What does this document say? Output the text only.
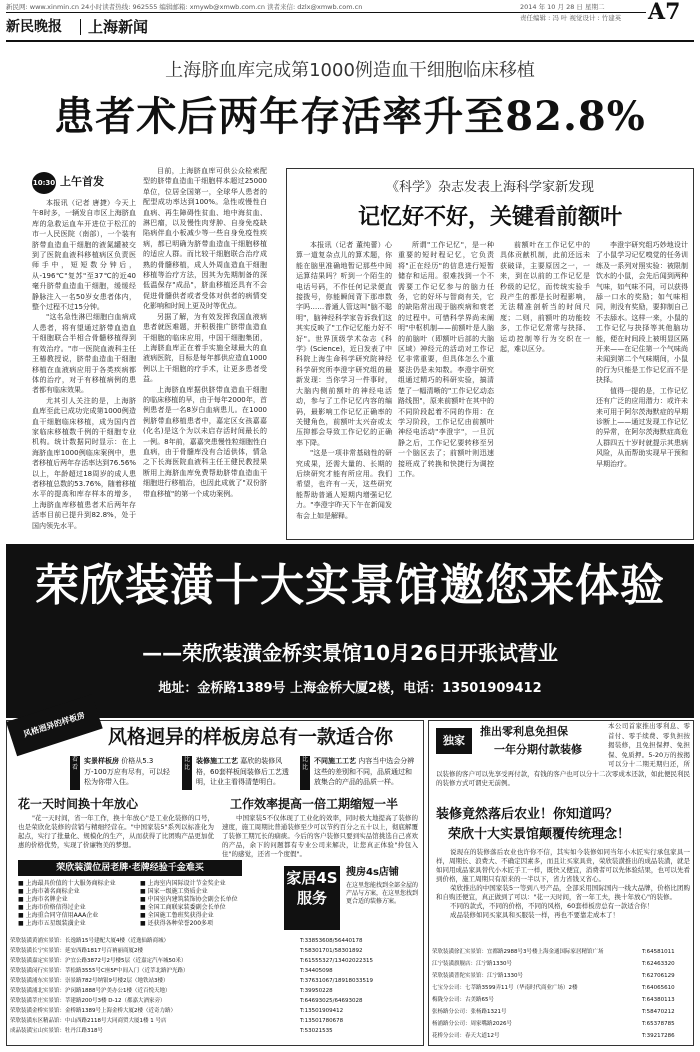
新民网: www.xinmin.cn 24小时读者热线: 962555 编辑邮箱: xmywb@xmwb.com.cn 读者来信: dzlx@xmwb.com.cn	2014 年 10 月 28 日 星期二
责任编辑 : 冯 叶 视觉设计 : 竹建英	A7
新民晚报 上海新闻
上海脐血库完成第1000例造血干细胞临床移植
患者术后两年存活率升至82.8%
10:30 上午首发

本报讯（记者 唐捷）今天上午8时多，一辆发自市区上海脐血库的急救运血车开进位于松江的市一人民医院（南部），一个装有脐带血造血干细胞的液氮罐被交到了医院血液科移植病区负责医师手中，短短数分钟后，从-196℃"复苏"至37℃的近40毫升脐带血造血干细胞，缓缓经静脉注入一名50岁女患者体内，整个过程不过15分钟。

"这名急性淋巴细胞白血病成人患者，将有望通过脐带血造血干细胞联合半相合骨髓移植得到有效治疗。"市一医院血液科主任王椿教授说，脐带血造血干细胞移植在血液病应用于各类疾病都体的治疗，对于有移植病例的患者都有临床效果。

尤其引人关注的是，上海脐血库至此已成功完成第1000例造血干细胞临床移植，成为国内首家临床移植数千例的干细胞专业机构。统计数据同时显示：在上海脐血库1000例临床案例中，患者移植后两年存活率达到76.56%以上，年龄超过18周岁的成人患者移植总数的53.76%，随着移植水平的提高和库存样本的增多，上海脐血库移植患者术后两年存活率目前已提升到82.8%，处于国内领先水平。

目前，上海脐血库可供公众检索配型的脐带血造血干细胞样本超过25000单位，位居全国第一，全球华人患者的配型成功率达到100%。急性或慢性白血病、再生障碍性贫血、地中海贫血、淋巴瘤，以及慢性肉芽肿、自身免疫缺陷病伴血小板减少等一些自身免疫性疾病，都已明确为脐带血造血干细胞移植的适应人群。而比较干细胞联合治疗成熟的骨髓移植，成人外周血造血干细胞移植等治疗方法，因其为先期制备的深低温保存"成品"，脐血移植还具有不会促进骨髓供者或者受体对供者的病情变化影响和时间上更及时等优点。

另据了解，为有效发挥我国血液病患者就医难题，并积极推广脐带血造血干细胞的临床应用，中国干细胞集团，上海脐血库正在着手实施全球最大的血液病医院，目标是每年都供应造血1000例以上干细胞的疗手术，让更多患者受益。

上海脐血库据供脐带血造血干细胞的临床移植的早，由于每年2000年，首例患者是一名8岁白血病患儿。在1000例脐带血移植患者中，嘉定区女孩嘉嘉(化名)是这个为以未启存活时间最长的一例。8年前，嘉嘉突患慢性粒细胞性白血病，由于骨髓库没有合适供体，情急之下长海医院血液科主任王健民教授果断用上海脐血库免费帮助脐带血造血干细胞进行移植治，也因此成就了"双份脐带血移植"的第一个成功案例。

《科学》杂志发表上海科学家新发现
记忆好不好，关键看前额叶

本报讯（记者 董纯蕾）心算一道复杂点儿的算术题，你能在脑里准确地暂记那些中间运算结果吗？听到一个陌生的电话号码，不作任何记录便直接拨号，你能瞬间背下那串数字吗……普通人管这叫"脑不聪明"，脑神经科学家告诉我们这其实反映了"工作记忆能力好不好"。世界顶级学术杂志《科学》(Science)，近日发表了中科院上海生命科学研究院神经科学研究所李澄宇研究组的最新发现：当你学习一件事时，大脑内侧前额叶的神经电活动，参与了工作记忆内容的编码，最影响工作记忆正确率的关键角色，前额叶太兴奋或太压抑都会导致工作记忆的正确率下降。

"这是一项非常基础性的研究成果，还需大量的、长期的后续研究才能有所应用。我们希望，也许有一天，这些研究能帮助普通人短期内增强记忆力。"李澄宇昨天下午在新闻发布会上如是解释。

所谓"工作记忆"，是一种重要的短时程记忆，它负责将"正在经历"的信息进行短暂储存和运用。很难找到一个不需要工作记忆参与的脑力任务，它的好坏与智商有关，它的缺陷常出现于脑疾病和衰老的过程中。可惜科学界尚未阐明"中枢机制——前额叶是人脑的前脑叶（即额叶后部的大脑区域）神经元的活动对工作记忆非常重要，但具体怎么个重要法仍是未知数。李澄宇研究组通过精巧的科研实验，搞清楚了一幅清晰的"工作记忆动态路线图"，原来前额叶在其中的不同阶段起着不同的作用：在学习阶段，工作记忆由前额叶神经电活动"李澄宇"，一旦沉静之后，工作记忆要转移至另一个脑区去了；前额叶则迅速接班成了转换和快捷行为调控工作。

前额叶在工作记忆中的具体贡献机制，此前还远未获破译，主要原因之一，一来，到在以前的工作记忆是秒级的记忆，而传统实验手段产生的都是长时程影响，无法精准剖析当的时间尺度；二则，前额叶的功能较多，工作记忆常常与抉择、运动控制等行为交织在一起，难以区分。

李澄宇研究组巧妙地设计了小鼠学习记忆嗅觉的任务训练及一系列对照实验：被限制饮水的小鼠，会先后闻到两种气味，如气味不同，可以获得舔一口水的奖励；如气味相同，则没有奖励，要抑制自己不去舔水。这样一来，小鼠的工作记忆与抉择等其他脑功能，便在时间段上被明显区隔开来——在记住第一个气味尚未闻到第二个气味期间，小鼠的行为只能是工作记忆而不是抉择。

值得一提的是，工作记忆还有广泛的应用潜力：或许未来可用于阿尔茨海默症的早期诊断上——通过发现工作记忆的异常，在阿尔茨海默症高危人群四五十岁时就提示其患病风险，从而帮助实现早干预和早期治疗。

荣欣装潢十大实景馆邀您来体验
——荣欣装潢金桥实景馆10月26日开张试营业
地址：金桥路1389号 上海金桥大厦2楼，电话：13501909412
风格迥异的样板房	风格迥异的样板房总有一款适合你
看看
实景样板房 价格从5.3万-100万应有尽有，可以轻松为你带入住。
比比
装修施工工艺 嘉欣的装修风格，60套样板间装修后工艺透明，让业主看得清楚明白。
比比
不同施工工艺 内容当中选会分辨这些的差别和不同，品质通过和放集合的产品的品质一样。
花一天时间换十年放心	工作效率提高一倍工期缩短一半

"花一天时间，省一年工作，换十年放心"是工业化装修的口号，也是荣欣化装修的营销与精细经营在。"中国家装5"系列以标准化为起点，实行了批量化、规模化的生产，从而获得了比团购产品更加优惠的价格优势，实现了价廉物美的梦想。

中国家装5不仅体现了工业化的效率，同时极大地提高了装修的速度，施工周期比普通装修至少可以节约百分之五十以上，彻底解覆了装修工期冗长的痼痰。今后的客户装修只要到实品馆挑选自己喜欢的产品，余下的问题都有专业公司来解决，让您真正体验"拎包入住"的感觉，还省一个度假"。

荣欣装潢位居老牌·老牌经验千金难买
■ 上海最具价值的十大服务商标企业
■ 上海市著名商标企业
■ 上海市名牌企业
■ 上海市价格信得过企业
■ 上海重合同守信用AAA企业
■ 上海市五星级装潢企业
■ 上海室内国际设计节金奖企业
■ 国家一级施工资质企业
■ 中国室内建筑装饰协会副会长单位
■ 全国工商联家装委副会长单位
■ 全国施工鲁班奖获得企业
■ 还获得各种荣誉200多项
家居4S服务
搜房4s店铺
在这里您能找到全部全屋的产品与方案，在这里您找到更合适的装修方案。
荣欣装潢黄浦实景馆：长逸路15号建配大厦4楼（近逸仙路商城）	T:33853608/56440178
荣欣装潢长宁实景馆：延安西路1817号百衲丽商厦2楼	T:58301701/58301892
荣欣装潢嘉定实景馆：沪宜公路3872号2号楼5层（近嘉定汽车城50米）	T:61555327/13402022315
荣欣装潢闵行实景馆：莘松路3555号C座5F中间入门（近莘北路沪光路）	T:34405098
荣欣装潢浦东实景馆：崇景路782号纳银9号楼2层（地铁站3楼）	T:37631067/18918033519
荣欣装潢浦北实景馆：沪闵路1888号沪美办公1楼（近百悦天地）	T:39950228
荣欣装潢莘庄实景馆：莘建路200号3楼 D-12（都嘉大酒家旁）	T:64693025/64693028
荣欣装潢金桥实景馆：金桥路1389号上海金桥大厦2楼（近奇力路）	T:13501909412
荣欣装潢东区精品馆：中山西路2118号大同商贸大厦1楼 1 号店	T:13501780678
成品装潢宝山实景馆：牡丹江路318号	T:53021535
独家
推出零利息免担保
一年分期付款装修
本公司首家推出零利息、零首付、零手续费、零负担按揭装修，且免担保押、免担保、免质押。5-20万的按揭可以分十二期无期归还，所以装修的客户可以先享受再付款，有钱的客户也可以分十二次零成本还款，如此便民利民的装修方式可谓史无前例。
装修竟然落后农业！你知道吗？
荣欣十大实景馆颠覆传统理念！

说现在的装修落后农业也许你不信，其实如今装修如同当年小木匠实行承包家具一样，周期长、浪费大、不确定因素多，而且让买家具贵，荣欣装潢推出的成品装潢，就是如同用成品家具替代小木匠手工一样，既快又便宜，消费者可以先体验结果，也可以先看到价格，施工周期只有原来的一半以下，省力省钱又省心。

荣欣推出的中国家装5一等到八号产品，全部采用国际国内一线大品牌，价格比团购和自购还便宜，真正做到了可以："花一天时间，省一年工夫，换十年放心"的装修。

不同的款式，不同的价格，不同的风格，60套样板房总有一款适合你！

成品装修如同买家具和买服装一样，再也不要靠走成本了！

荣欣装潢徐汇实景馆：宜都路2988号3号楼上海金通国际家居精馆广场	T:64581011
江宁装潢旗舰店：江宁路1330号	T:62463320
荣欣装潢普陀实景馆：江宁路1330号	T:62706129
七宝分公司：七莘路3599弄11号（华南时代商业广场）2楼	T:64065610
梅陇分公司：古美路65号	T:64380113
张杨路分公司：张杨路1321号	T:58470212
杨浦路分公司：周家嘴路2026号	T:65378785
花桥分公司：春天大道12号	T:39217286
